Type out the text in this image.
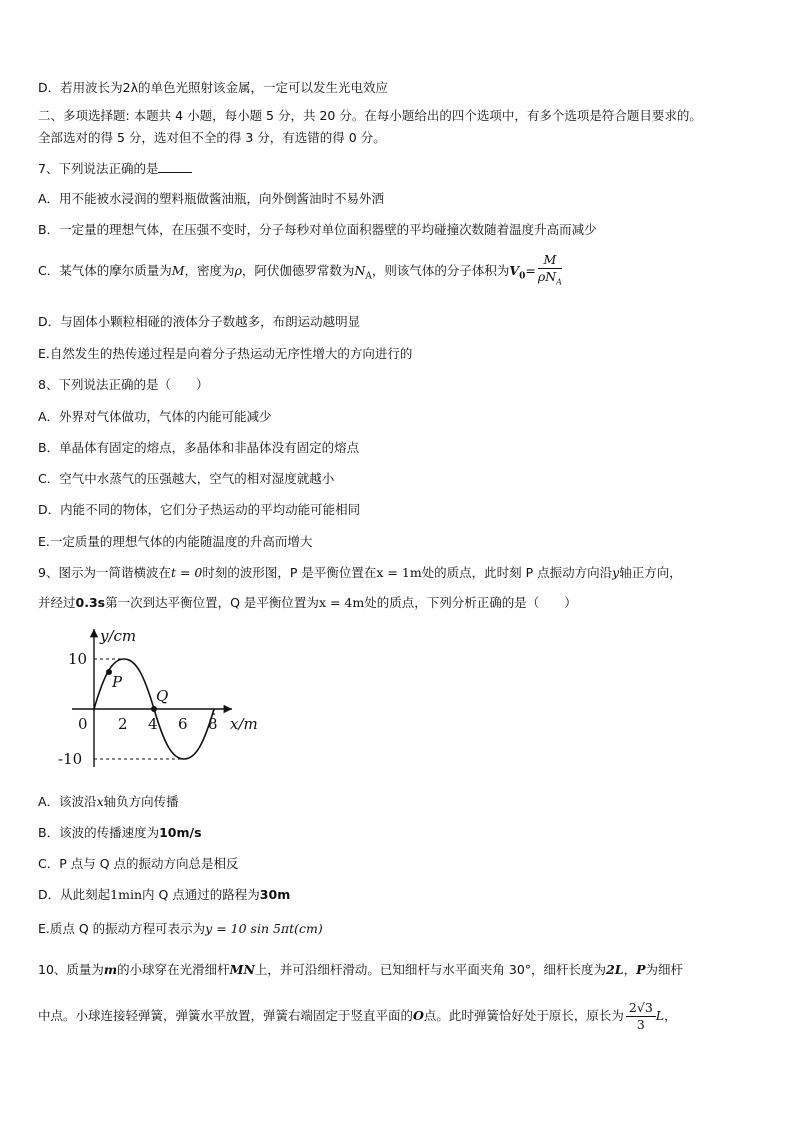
D．若用波长为2λ的单色光照射该金属，一定可以发生光电效应
二、多项选择题: 本题共 4 小题，每小题 5 分，共 20 分。在每小题给出的四个选项中，有多个选项是符合题目要求的。
全部选对的得 5 分，选对但不全的得 3 分，有选错的得 0 分。
7、下列说法正确的是
A．用不能被水浸润的塑料瓶做酱油瓶，向外倒酱油时不易外洒
B．一定量的理想气体，在压强不变时，分子每秒对单位面积器壁的平均碰撞次数随着温度升高而减少
C．某气体的摩尔质量为M，密度为ρ，阿伏伽德罗常数为$N_A$，则该气体的分子体积为$V_0= \frac{M}{\rho N_A}$
D．与固体小颗粒相碰的液体分子数越多，布朗运动越明显
E.自然发生的热传递过程是向着分子热运动无序性增大的方向进行的
8、下列说法正确的是（　　）
A．外界对气体做功，气体的内能可能减少
B．单晶体有固定的熔点，多晶体和非晶体没有固定的熔点
C．空气中水蒸气的压强越大，空气的相对湿度就越小
D．内能不同的物体，它们分子热运动的平均动能可能相同
E.一定质量的理想气体的内能随温度的升高而增大
9、图示为一简谐横波在t = 0时刻的波形图，P 是平衡位置在x = 1m处的质点，此时刻 P 点振动方向沿y轴正方向，
并经过0.3s第一次到达平衡位置，Q 是平衡位置为x = 4m处的质点，下列分析正确的是（　　）
y/cm
x/m
10
-10
0 2 4 6 8
P
Q
A．该波沿x轴负方向传播
B．该波的传播速度为10m/s
C．P 点与 Q 点的振动方向总是相反
D．从此刻起1min内 Q 点通过的路程为30m
E.质点 Q 的振动方程可表示为y = 10 sin 5πt(cm)
10、质量为m的小球穿在光滑细杆MN上，并可沿细杆滑动。已知细杆与水平面夹角 30°，细杆长度为2L，P为细杆
中点。小球连接轻弹簧，弹簧水平放置，弹簧右端固定于竖直平面的O点。此时弹簧恰好处于原长，原长为 $\frac{2√3}{3}$ L，
